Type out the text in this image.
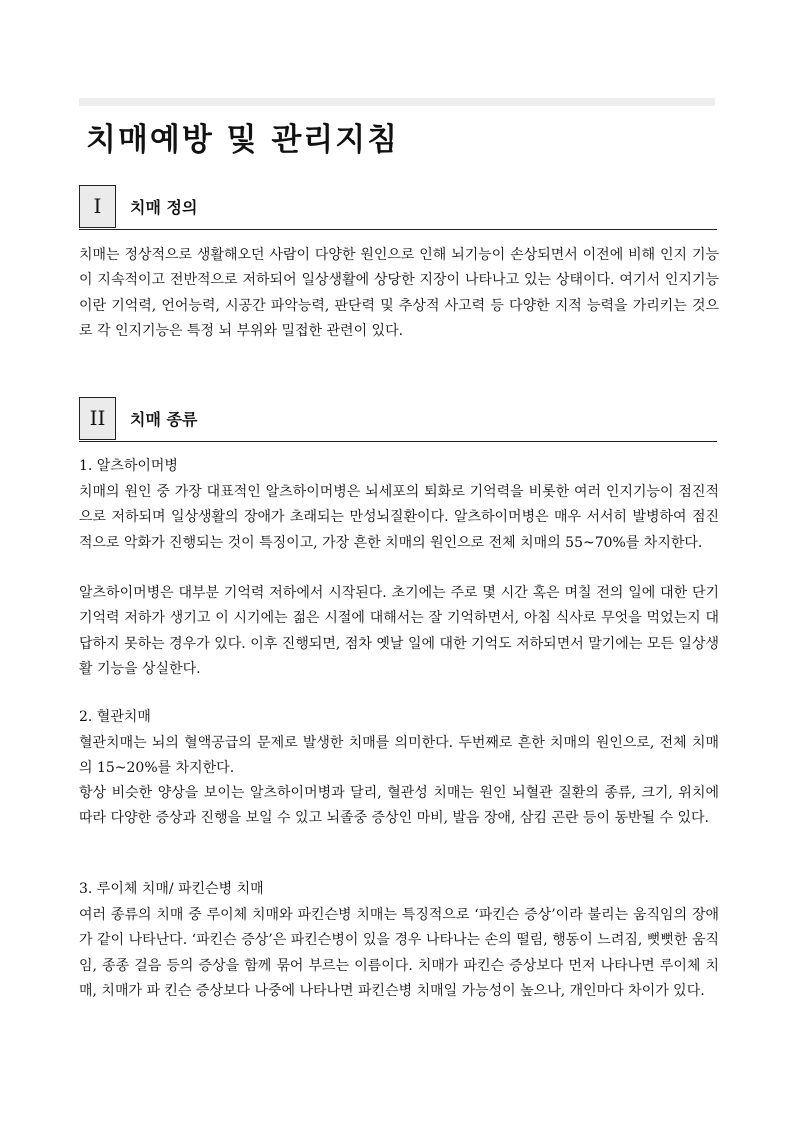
치매예방 및 관리지침
I	치매 정의

치매는 정상적으로 생활해오던 사람이 다양한 원인으로 인해 뇌기능이 손상되면서 이전에 비해 인지 기능이 지속적이고 전반적으로 저하되어 일상생활에 상당한 지장이 나타나고 있는 상태이다. 여기서 인지기능이란 기억력, 언어능력, 시공간 파악능력, 판단력 및 추상적 사고력 등 다양한 지적 능력을 가리키는 것으로 각 인지기능은 특정 뇌 부위와 밀접한 관련이 있다.

II	치매 종류

1. 알츠하이머병

치매의 원인 중 가장 대표적인 알츠하이머병은 뇌세포의 퇴화로 기억력을 비롯한 여러 인지기능이 점진적으로 저하되며 일상생활의 장애가 초래되는 만성뇌질환이다. 알츠하이머병은 매우 서서히 발병하여 점진적으로 악화가 진행되는 것이 특징이고, 가장 흔한 치매의 원인으로 전체 치매의 55~70%를 차지한다.

알츠하이머병은 대부분 기억력 저하에서 시작된다. 초기에는 주로 몇 시간 혹은 며칠 전의 일에 대한 단기 기억력 저하가 생기고 이 시기에는 젊은 시절에 대해서는 잘 기억하면서, 아침 식사로 무엇을 먹었는지 대답하지 못하는 경우가 있다. 이후 진행되면, 점차 옛날 일에 대한 기억도 저하되면서 말기에는 모든 일상생활 기능을 상실한다.

2. 혈관치매

혈관치매는 뇌의 혈액공급의 문제로 발생한 치매를 의미한다. 두번째로 흔한 치매의 원인으로, 전체 치매의 15~20%를 차지한다.

항상 비슷한 양상을 보이는 알츠하이머병과 달리, 혈관성 치매는 원인 뇌혈관 질환의 종류, 크기, 위치에 따라 다양한 증상과 진행을 보일 수 있고 뇌졸중 증상인 마비, 발음 장애, 삼킴 곤란 등이 동반될 수 있다.

3. 루이체 치매/ 파킨슨병 치매

여러 종류의 치매 중 루이체 치매와 파킨슨병 치매는 특징적으로 ‘파킨슨 증상’이라 불리는 움직임의 장애가 같이 나타난다. ‘파킨슨 증상’은 파킨슨병이 있을 경우 나타나는 손의 떨림, 행동이 느려짐, 뻣뻣한 움직임, 종종 걸음 등의 증상을 함께 묶어 부르는 이름이다. 치매가 파킨슨 증상보다 먼저 나타나면 루이체 치매, 치매가 파 킨슨 증상보다 나중에 나타나면 파킨슨병 치매일 가능성이 높으나, 개인마다 차이가 있다.
